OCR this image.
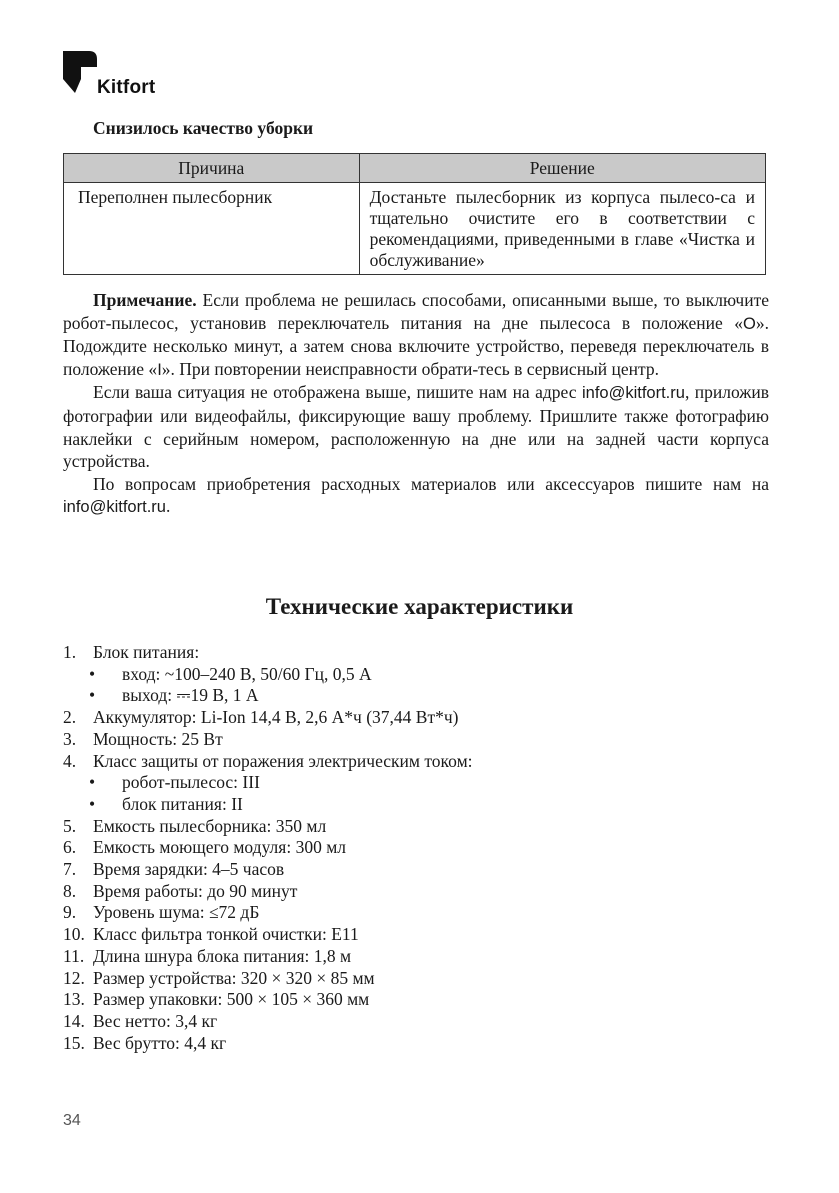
Kitfort
Снизилось качество уборки
Причина	Решение
Переполнен пылесборник	Достаньте пылесборник из корпуса пылесо-са и тщательно очистите его в соответствии с рекомендациями, приведенными в главе «Чистка и обслуживание»

Примечание. Если проблема не решилась способами, описанными выше, то выключите робот-пылесос, установив переключатель питания на дне пылесоса в положение «O». Подождите несколько минут, а затем снова включите устройство, переведя переключатель в положение «I». При повторении неисправности обрати-тесь в сервисный центр.

Если ваша ситуация не отображена выше, пишите нам на адрес info@kitfort.ru, приложив фотографии или видеофайлы, фиксирующие вашу проблему. Пришлите также фотографию наклейки с серийным номером, расположенную на дне или на задней части корпуса устройства.

По вопросам приобретения расходных материалов или аксессуаров пишите нам на info@kitfort.ru.

Технические характеристики
1. Блок питания:
•	вход: ~100–240 В, 50/60 Гц, 0,5 А
•	выход: ⎓19 В, 1 А
2. Аккумулятор: Li-Ion 14,4 В, 2,6 А*ч (37,44 Вт*ч)
3. Мощность: 25 Вт
4. Класс защиты от поражения электрическим током:
•	робот-пылесос: III
•	блок питания: II
5. Емкость пылесборника: 350 мл
6. Емкость моющего модуля: 300 мл
7. Время зарядки: 4–5 часов
8. Время работы: до 90 минут
9. Уровень шума: ≤72 дБ
10. Класс фильтра тонкой очистки: E11
11. Длина шнура блока питания: 1,8 м
12. Размер устройства: 320 × 320 × 85 мм
13. Размер упаковки: 500 × 105 × 360 мм
14. Вес нетто: 3,4 кг
15. Вес брутто: 4,4 кг
34
